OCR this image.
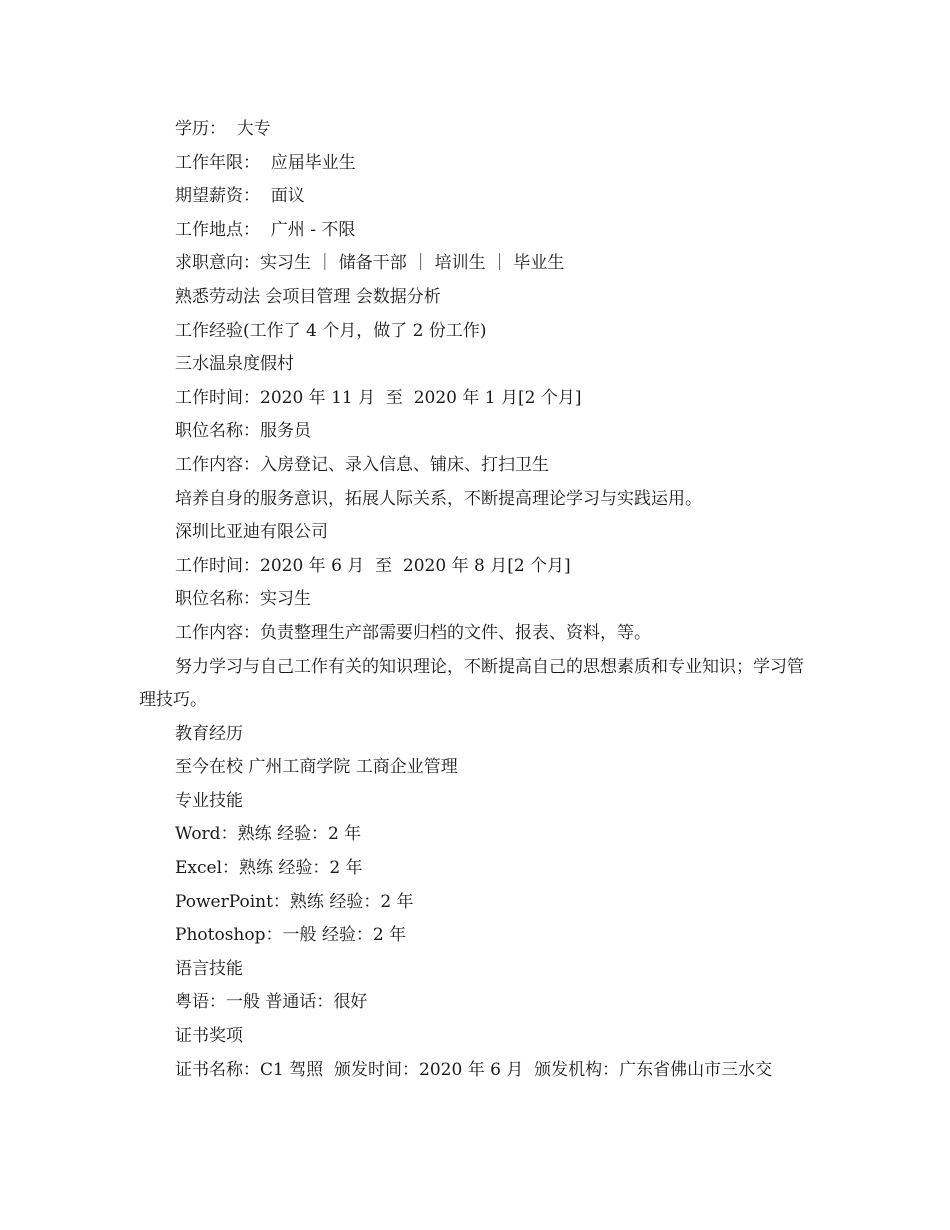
学历：  大专
工作年限：  应届毕业生
期望薪资：  面议
工作地点：  广州 - 不限
求职意向：实习生 ｜ 储备干部 ｜ 培训生 ｜ 毕业生
熟悉劳动法 会项目管理 会数据分析
工作经验(工作了 4 个月，做了 2 份工作)
三水温泉度假村
工作时间：2020 年 11 月  至  2020 年 1 月[2 个月]
职位名称：服务员
工作内容：入房登记、录入信息、铺床、打扫卫生
培养自身的服务意识，拓展人际关系，不断提高理论学习与实践运用。
深圳比亚迪有限公司
工作时间：2020 年 6 月  至  2020 年 8 月[2 个月]
职位名称：实习生
工作内容：负责整理生产部需要归档的文件、报表、资料，等。
努力学习与自己工作有关的知识理论，不断提高自己的思想素质和专业知识；学习管理技巧。
教育经历
至今在校 广州工商学院 工商企业管理
专业技能
Word：熟练 经验：2 年
Excel：熟练 经验：2 年
PowerPoint：熟练 经验：2 年
Photoshop：一般 经验：2 年
语言技能
粤语：一般 普通话：很好
证书奖项
证书名称：C1 驾照  颁发时间：2020 年 6 月  颁发机构：广东省佛山市三水交
